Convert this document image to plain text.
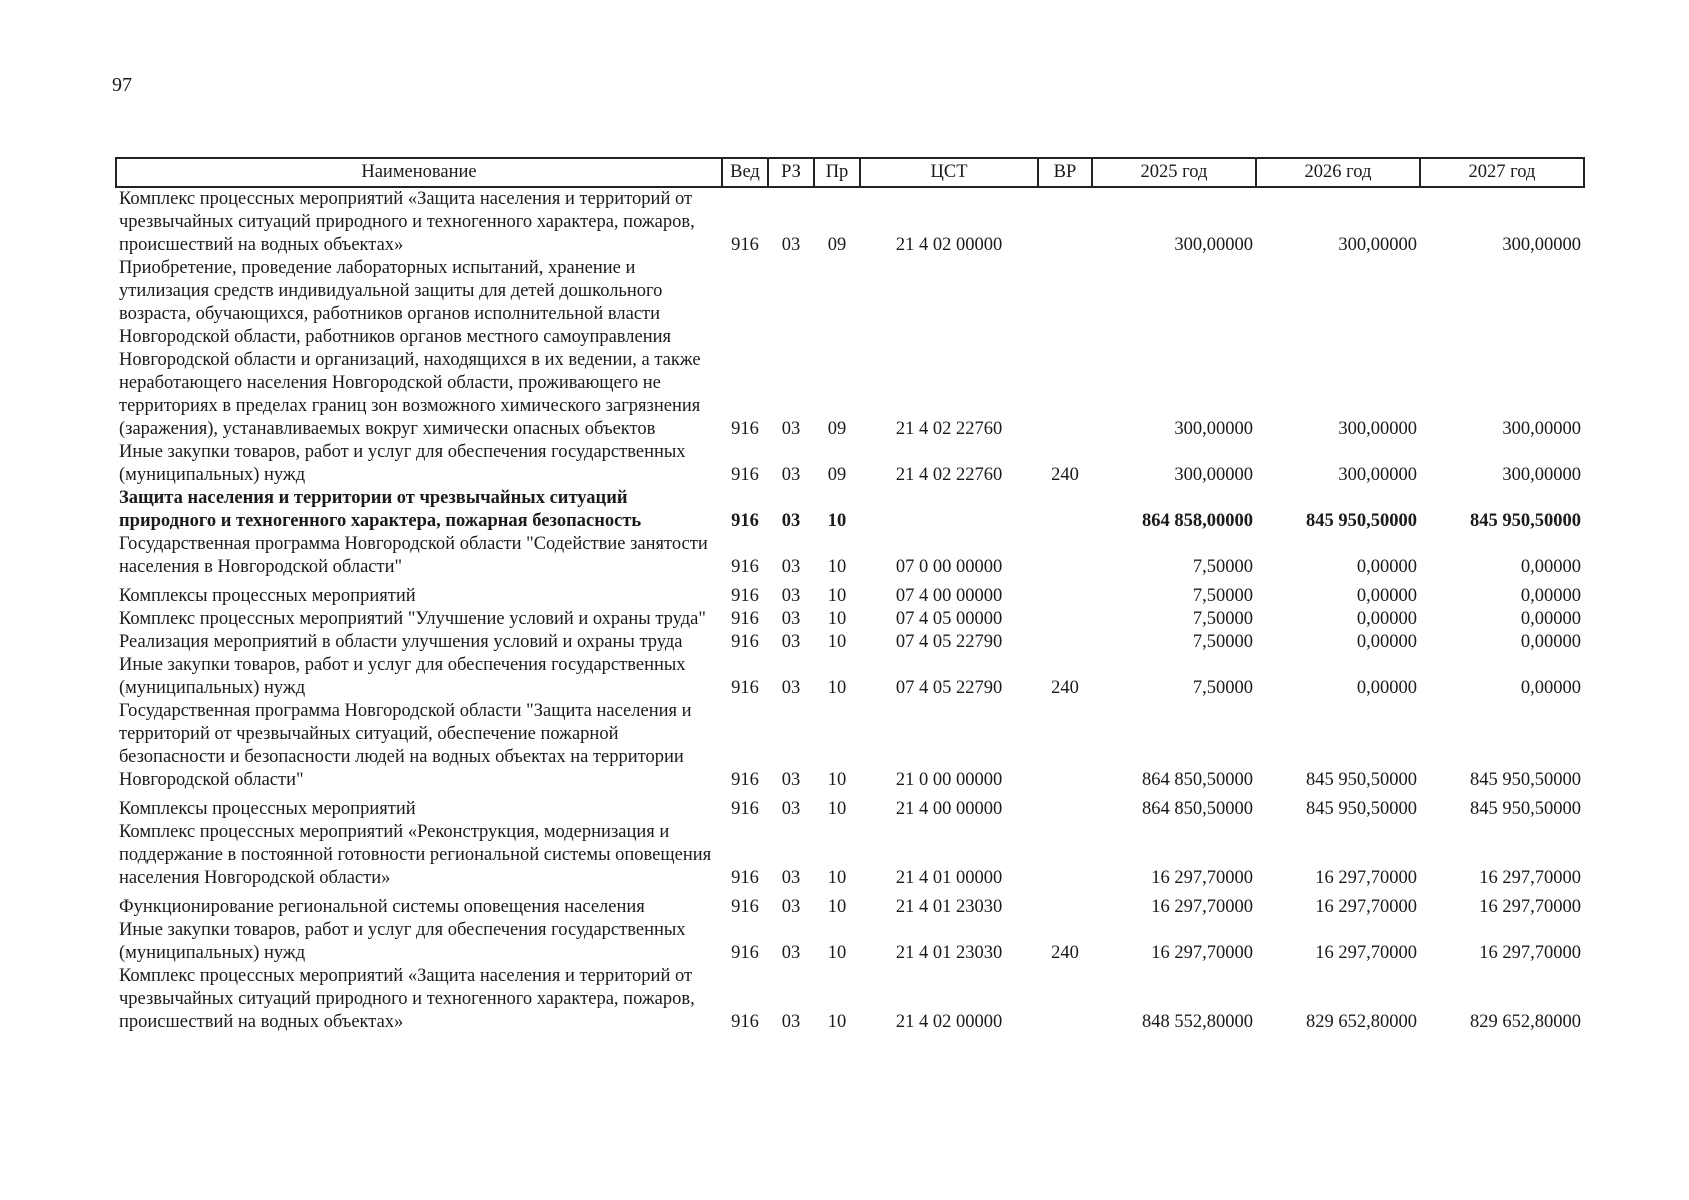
97
Наименование	Вед	РЗ	Пр	ЦСТ	ВР	2025 год	2026 год	2027 год
Комплекс процессных мероприятий «Защита населения и территорий от чрезвычайных ситуаций природного и техногенного характера, пожаров, происшествий на водных объектах»	916	03	09	21 4 02 00000		300,00000	300,00000	300,00000
Приобретение, проведение лабораторных испытаний, хранение и утилизация средств индивидуальной защиты для детей дошкольного возраста, обучающихся, работников органов исполнительной власти Новгородской области, работников органов местного самоуправления Новгородской области и организаций, находящихся в их ведении, а также неработающего населения Новгородской области, проживающего не территориях в пределах границ зон возможного химического загрязнения (заражения), устанавливаемых вокруг химически опасных объектов	916	03	09	21 4 02 22760		300,00000	300,00000	300,00000
Иные закупки товаров, работ и услуг для обеспечения государственных (муниципальных) нужд	916	03	09	21 4 02 22760	240	300,00000	300,00000	300,00000
Защита населения и территории от чрезвычайных ситуаций природного и техногенного характера, пожарная безопасность	916	03	10			864 858,00000	845 950,50000	845 950,50000
Государственная программа Новгородской области "Содействие занятости населения в Новгородской области"	916	03	10	07 0 00 00000		7,50000	0,00000	0,00000
Комплексы процессных мероприятий	916	03	10	07 4 00 00000		7,50000	0,00000	0,00000
Комплекс процессных мероприятий "Улучшение условий и охраны труда"	916	03	10	07 4 05 00000		7,50000	0,00000	0,00000
Реализация мероприятий в области улучшения условий и охраны труда	916	03	10	07 4 05 22790		7,50000	0,00000	0,00000
Иные закупки товаров, работ и услуг для обеспечения государственных (муниципальных) нужд	916	03	10	07 4 05 22790	240	7,50000	0,00000	0,00000
Государственная программа Новгородской области "Защита населения и территорий от чрезвычайных ситуаций, обеспечение пожарной безопасности и безопасности людей на водных объектах на территории Новгородской области"	916	03	10	21 0 00 00000		864 850,50000	845 950,50000	845 950,50000
Комплексы процессных мероприятий	916	03	10	21 4 00 00000		864 850,50000	845 950,50000	845 950,50000
Комплекс процессных мероприятий «Реконструкция, модернизация и поддержание в постоянной готовности региональной системы оповещения населения Новгородской области»	916	03	10	21 4 01 00000		16 297,70000	16 297,70000	16 297,70000
Функционирование региональной системы оповещения населения	916	03	10	21 4 01 23030		16 297,70000	16 297,70000	16 297,70000
Иные закупки товаров, работ и услуг для обеспечения государственных (муниципальных) нужд	916	03	10	21 4 01 23030	240	16 297,70000	16 297,70000	16 297,70000
Комплекс процессных мероприятий «Защита населения и территорий от чрезвычайных ситуаций природного и техногенного характера, пожаров, происшествий на водных объектах»	916	03	10	21 4 02 00000		848 552,80000	829 652,80000	829 652,80000
